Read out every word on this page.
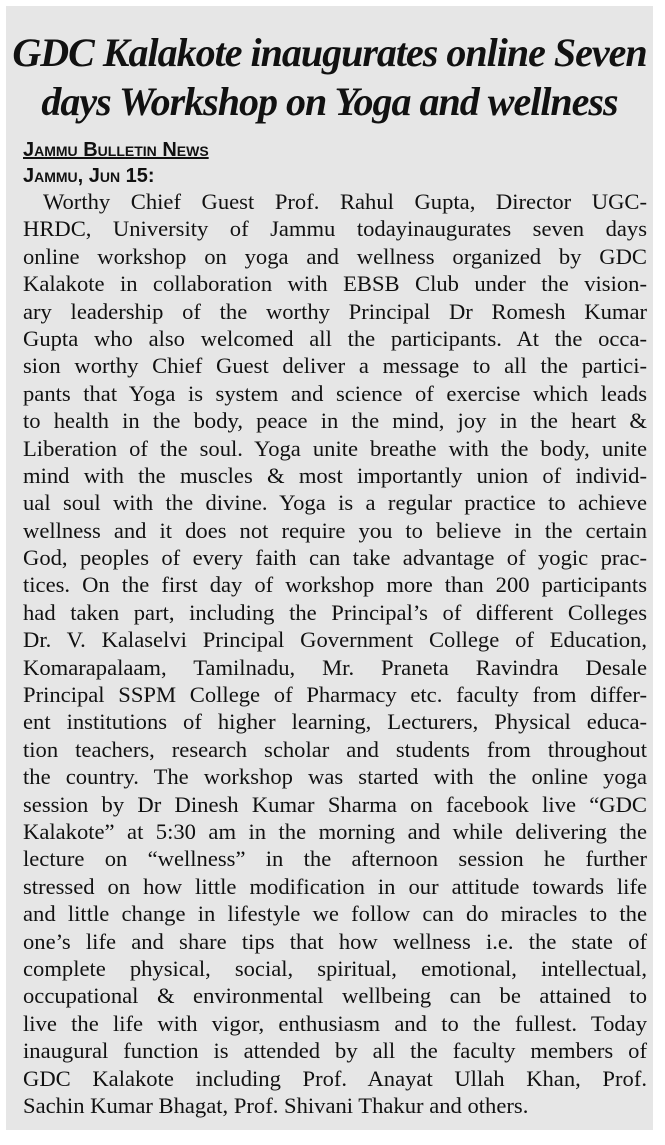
GDC Kalakote inaugurates online Seven
days Workshop on Yoga and wellness
Jammu Bulletin News
Jammu, Jun 15:
Worthy Chief Guest Prof. Rahul Gupta, Director UGC-
HRDC, University of Jammu todayinaugurates seven days
online workshop on yoga and wellness organized by GDC
Kalakote in collaboration with EBSB Club under the vision-
ary leadership of the worthy Principal Dr Romesh Kumar
Gupta who also welcomed all the participants. At the occa-
sion worthy Chief Guest deliver a message to all the partici-
pants that Yoga is system and science of exercise which leads
to health in the body, peace in the mind, joy in the heart &
Liberation of the soul. Yoga unite breathe with the body, unite
mind with the muscles & most importantly union of individ-
ual soul with the divine. Yoga is a regular practice to achieve
wellness and it does not require you to believe in the certain
God, peoples of every faith can take advantage of yogic prac-
tices. On the first day of workshop more than 200 participants
had taken part, including the Principal’s of different Colleges
Dr. V. Kalaselvi Principal Government College of Education,
Komarapalaam, Tamilnadu, Mr. Praneta Ravindra Desale
Principal SSPM College of Pharmacy etc. faculty from differ-
ent institutions of higher learning, Lecturers, Physical educa-
tion teachers, research scholar and students from throughout
the country. The workshop was started with the online yoga
session by Dr Dinesh Kumar Sharma on facebook live “GDC
Kalakote” at 5:30 am in the morning and while delivering the
lecture on “wellness” in the afternoon session he further
stressed on how little modification in our attitude towards life
and little change in lifestyle we follow can do miracles to the
one’s life and share tips that how wellness i.e. the state of
complete physical, social, spiritual, emotional, intellectual,
occupational & environmental wellbeing can be attained to
live the life with vigor, enthusiasm and to the fullest. Today
inaugural function is attended by all the faculty members of
GDC Kalakote including Prof. Anayat Ullah Khan, Prof.
Sachin Kumar Bhagat, Prof. Shivani Thakur and others.
